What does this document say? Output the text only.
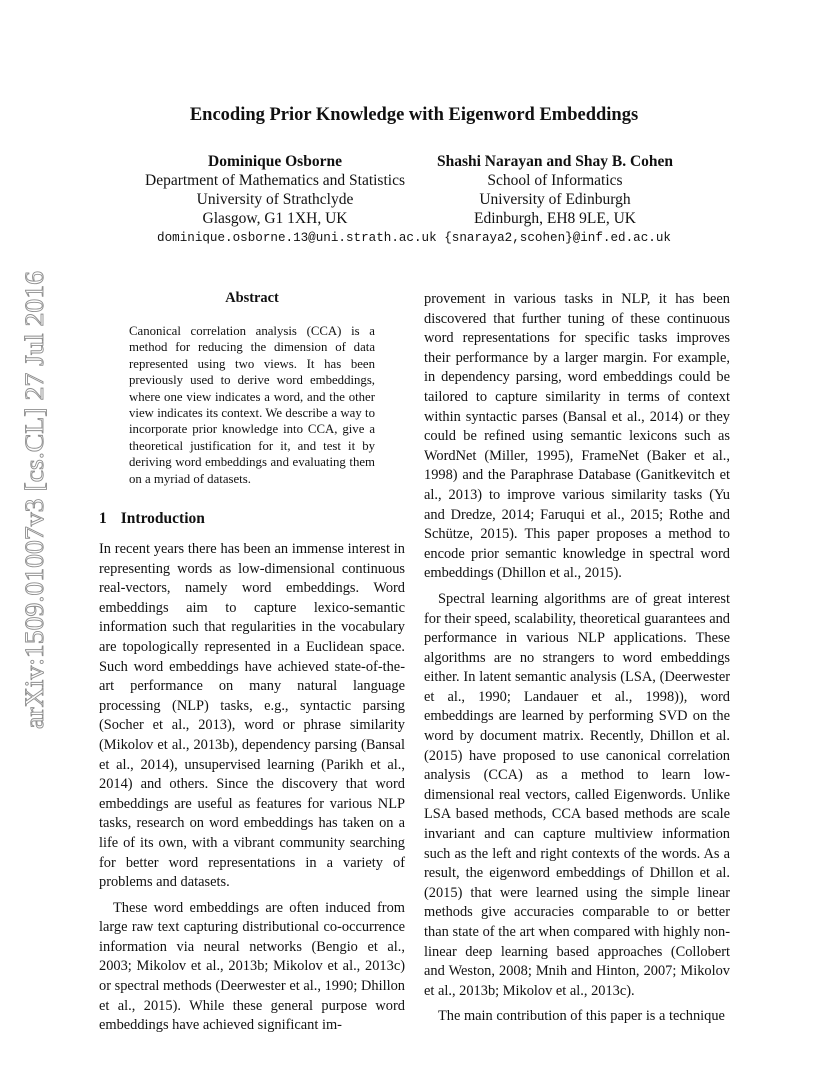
Encoding Prior Knowledge with Eigenword Embeddings
Dominique Osborne
Department of Mathematics and Statistics
University of Strathclyde
Glasgow, G1 1XH, UK
Shashi Narayan and Shay B. Cohen
School of Informatics
University of Edinburgh
Edinburgh, EH8 9LE, UK
dominique.osborne.13@uni.strath.ac.uk {snaraya2,scohen}@inf.ed.ac.uk
arXiv:1509.01007v3 [cs.CL] 27 Jul 2016	Abstract
Canonical correlation analysis (CCA) is a method for reducing the dimension of data represented using two views. It has been previously used to derive word embeddings, where one view indicates a word, and the other view indicates its context. We describe a way to incorporate prior knowledge into CCA, give a theoretical justification for it, and test it by deriving word embeddings and evaluating them on a myriad of datasets.
1 Introduction

In recent years there has been an immense interest in representing words as low-dimensional continuous real-vectors, namely word embeddings. Word embeddings aim to capture lexico-semantic information such that regularities in the vocabulary are topologically represented in a Euclidean space. Such word embeddings have achieved state-of-the-art performance on many natural language processing (NLP) tasks, e.g., syntactic parsing (Socher et al., 2013), word or phrase similarity (Mikolov et al., 2013b), dependency parsing (Bansal et al., 2014), unsupervised learning (Parikh et al., 2014) and others. Since the discovery that word embeddings are useful as features for various NLP tasks, research on word embeddings has taken on a life of its own, with a vibrant community searching for better word representations in a variety of problems and datasets.

These word embeddings are often induced from large raw text capturing distributional co-occurrence information via neural networks (Bengio et al., 2003; Mikolov et al., 2013b; Mikolov et al., 2013c) or spectral methods (Deerwester et al., 1990; Dhillon et al., 2015). While these general purpose word embeddings have achieved significant im-

provement in various tasks in NLP, it has been discovered that further tuning of these continuous word representations for specific tasks improves their performance by a larger margin. For example, in dependency parsing, word embeddings could be tailored to capture similarity in terms of context within syntactic parses (Bansal et al., 2014) or they could be refined using semantic lexicons such as WordNet (Miller, 1995), FrameNet (Baker et al., 1998) and the Paraphrase Database (Ganitkevitch et al., 2013) to improve various similarity tasks (Yu and Dredze, 2014; Faruqui et al., 2015; Rothe and Schütze, 2015). This paper proposes a method to encode prior semantic knowledge in spectral word embeddings (Dhillon et al., 2015).

Spectral learning algorithms are of great interest for their speed, scalability, theoretical guarantees and performance in various NLP applications. These algorithms are no strangers to word embeddings either. In latent semantic analysis (LSA, (Deerwester et al., 1990; Landauer et al., 1998)), word embeddings are learned by performing SVD on the word by document matrix. Recently, Dhillon et al. (2015) have proposed to use canonical correlation analysis (CCA) as a method to learn low-dimensional real vectors, called Eigenwords. Unlike LSA based methods, CCA based methods are scale invariant and can capture multiview information such as the left and right contexts of the words. As a result, the eigenword embeddings of Dhillon et al. (2015) that were learned using the simple linear methods give accuracies comparable to or better than state of the art when compared with highly non-linear deep learning based approaches (Collobert and Weston, 2008; Mnih and Hinton, 2007; Mikolov et al., 2013b; Mikolov et al., 2013c).

The main contribution of this paper is a technique
